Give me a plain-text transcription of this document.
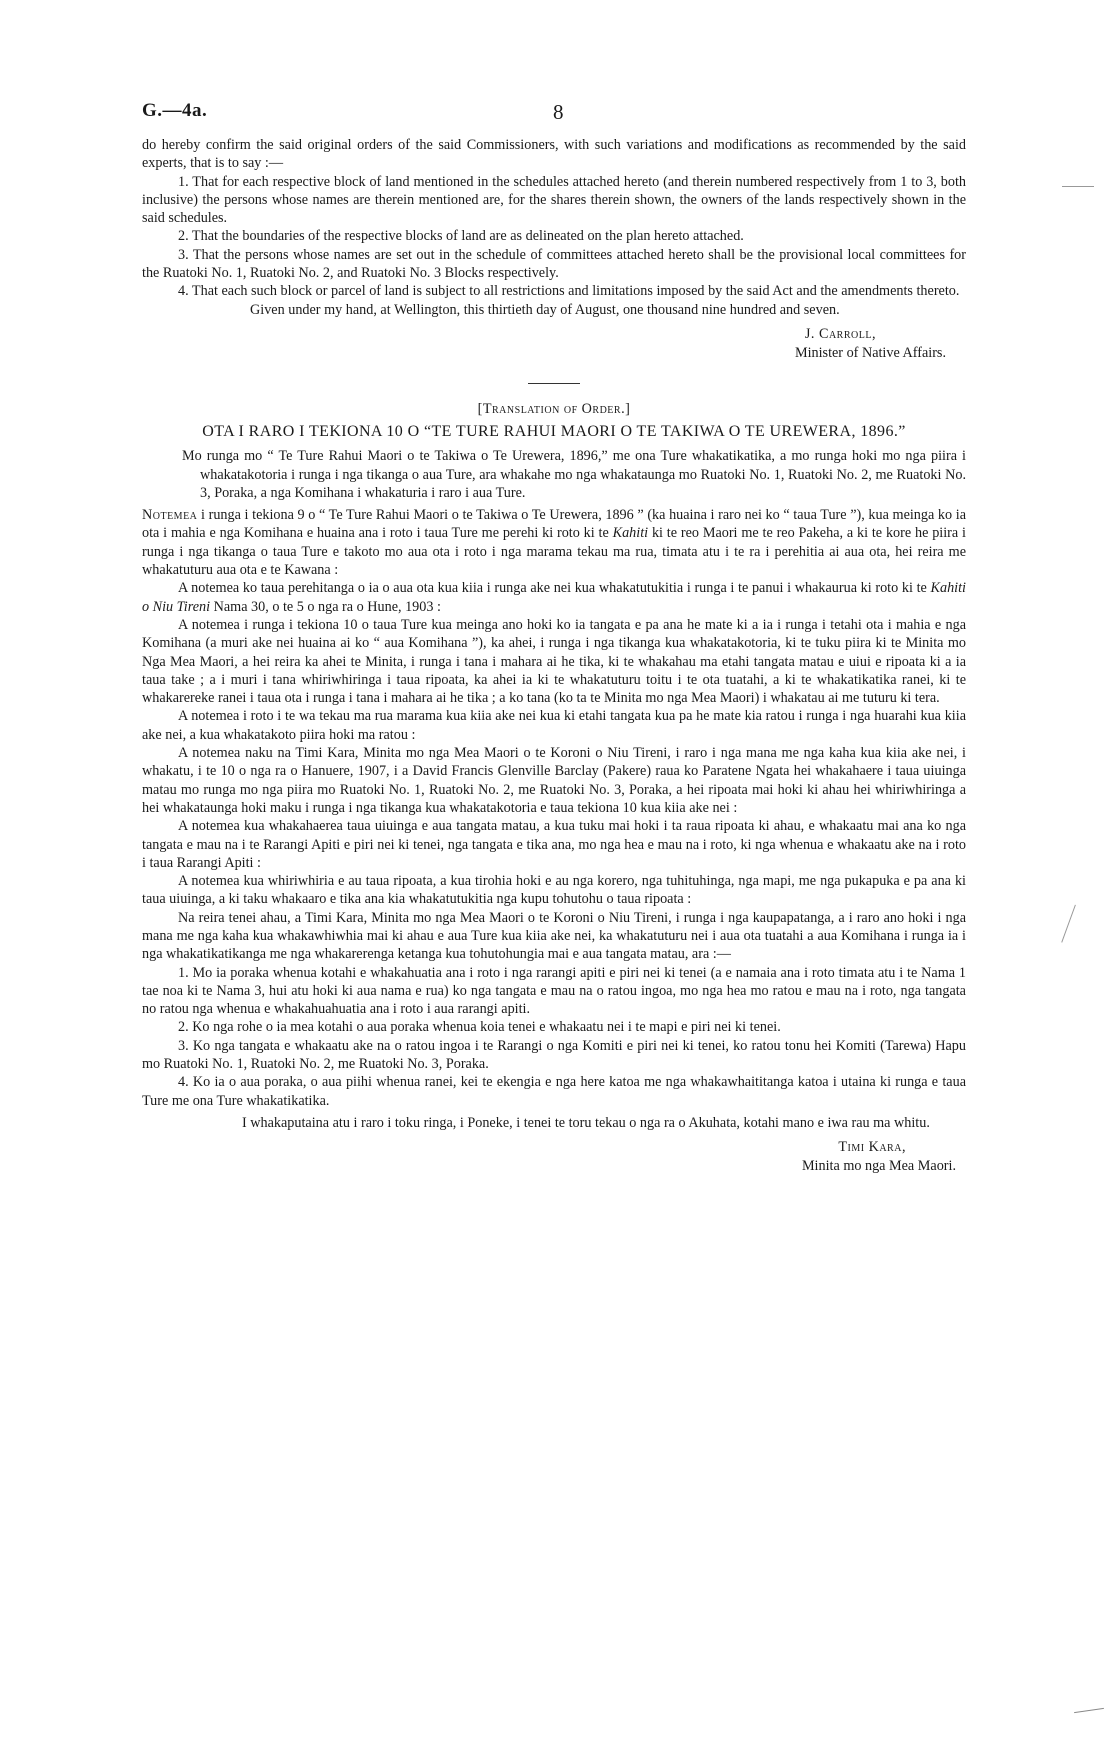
G.—4a.	8

do hereby confirm the said original orders of the said Commissioners, with such variations and modifications as recommended by the said experts, that is to say :—

1. That for each respective block of land mentioned in the schedules attached hereto (and therein numbered respectively from 1 to 3, both inclusive) the persons whose names are therein mentioned are, for the shares therein shown, the owners of the lands respectively shown in the said schedules.

2. That the boundaries of the respective blocks of land are as delineated on the plan hereto attached.

3. That the persons whose names are set out in the schedule of committees attached hereto shall be the provisional local committees for the Ruatoki No. 1, Ruatoki No. 2, and Ruatoki No. 3 Blocks respectively.

4. That each such block or parcel of land is subject to all restrictions and limitations imposed by the said Act and the amendments thereto.

Given under my hand, at Wellington, this thirtieth day of August, one thousand nine hundred and seven.

J. Carroll,

Minister of Native Affairs.

[Translation of Order.]

OTA I RARO I TEKIONA 10 O “TE TURE RAHUI MAORI O TE TAKIWA O TE UREWERA, 1896.”

Mo runga mo “ Te Ture Rahui Maori o te Takiwa o Te Urewera, 1896,” me ona Ture whakatikatika, a mo runga hoki mo nga piira i whakatakotoria i runga i nga tikanga o aua Ture, ara whakahe mo nga whakataunga mo Ruatoki No. 1, Ruatoki No. 2, me Ruatoki No. 3, Poraka, a nga Komihana i whakaturia i raro i aua Ture.

Notemea i runga i tekiona 9 o “ Te Ture Rahui Maori o te Takiwa o Te Urewera, 1896 ” (ka huaina i raro nei ko “ taua Ture ”), kua meinga ko ia ota i mahia e nga Komihana e huaina ana i roto i taua Ture me perehi ki roto ki te Kahiti ki te reo Maori me te reo Pakeha, a ki te kore he piira i runga i nga tikanga o taua Ture e takoto mo aua ota i roto i nga marama tekau ma rua, timata atu i te ra i perehitia ai aua ota, hei reira me whakatuturu aua ota e te Kawana :

A notemea ko taua perehitanga o ia o aua ota kua kiia i runga ake nei kua whakatutukitia i runga i te panui i whakaurua ki roto ki te Kahiti o Niu Tireni Nama 30, o te 5 o nga ra o Hune, 1903 :

A notemea i runga i tekiona 10 o taua Ture kua meinga ano hoki ko ia tangata e pa ana he mate ki a ia i runga i tetahi ota i mahia e nga Komihana (a muri ake nei huaina ai ko “ aua Komihana ”), ka ahei, i runga i nga tikanga kua whakatakotoria, ki te tuku piira ki te Minita mo Nga Mea Maori, a hei reira ka ahei te Minita, i runga i tana i mahara ai he tika, ki te whakahau ma etahi tangata matau e uiui e ripoata ki a ia taua take ; a i muri i tana whiriwhiringa i taua ripoata, ka ahei ia ki te whakatuturu toitu i te ota tuatahi, a ki te whakatikatika ranei, ki te whakarereke ranei i taua ota i runga i tana i mahara ai he tika ; a ko tana (ko ta te Minita mo nga Mea Maori) i whakatau ai me tuturu ki tera.

A notemea i roto i te wa tekau ma rua marama kua kiia ake nei kua ki etahi tangata kua pa he mate kia ratou i runga i nga huarahi kua kiia ake nei, a kua whakatakoto piira hoki ma ratou :

A notemea naku na Timi Kara, Minita mo nga Mea Maori o te Koroni o Niu Tireni, i raro i nga mana me nga kaha kua kiia ake nei, i whakatu, i te 10 o nga ra o Hanuere, 1907, i a David Francis Glenville Barclay (Pakere) raua ko Paratene Ngata hei whakahaere i taua uiuinga matau mo runga mo nga piira mo Ruatoki No. 1, Ruatoki No. 2, me Ruatoki No. 3, Poraka, a hei ripoata mai hoki ki ahau hei whiriwhiringa a hei whakataunga hoki maku i runga i nga tikanga kua whakatakotoria e taua tekiona 10 kua kiia ake nei :

A notemea kua whakahaerea taua uiuinga e aua tangata matau, a kua tuku mai hoki i ta raua ripoata ki ahau, e whakaatu mai ana ko nga tangata e mau na i te Rarangi Apiti e piri nei ki tenei, nga tangata e tika ana, mo nga hea e mau na i roto, ki nga whenua e whakaatu ake na i roto i taua Rarangi Apiti :

A notemea kua whiriwhiria e au taua ripoata, a kua tirohia hoki e au nga korero, nga tuhituhinga, nga mapi, me nga pukapuka e pa ana ki taua uiuinga, a ki taku whakaaro e tika ana kia whakatutukitia nga kupu tohutohu o taua ripoata :

Na reira tenei ahau, a Timi Kara, Minita mo nga Mea Maori o te Koroni o Niu Tireni, i runga i nga kaupapatanga, a i raro ano hoki i nga mana me nga kaha kua whakawhiwhia mai ki ahau e aua Ture kua kiia ake nei, ka whakatuturu nei i aua ota tuatahi a aua Komihana i runga ia i nga whakatikatikanga me nga whakarerenga ketanga kua tohutohungia mai e aua tangata matau, ara :—

1. Mo ia poraka whenua kotahi e whakahuatia ana i roto i nga rarangi apiti e piri nei ki tenei (a e namaia ana i roto timata atu i te Nama 1 tae noa ki te Nama 3, hui atu hoki ki aua nama e rua) ko nga tangata e mau na o ratou ingoa, mo nga hea mo ratou e mau na i roto, nga tangata no ratou nga whenua e whakahuahuatia ana i roto i aua rarangi apiti.

2. Ko nga rohe o ia mea kotahi o aua poraka whenua koia tenei e whakaatu nei i te mapi e piri nei ki tenei.

3. Ko nga tangata e whakaatu ake na o ratou ingoa i te Rarangi o nga Komiti e piri nei ki tenei, ko ratou tonu hei Komiti (Tarewa) Hapu mo Ruatoki No. 1, Ruatoki No. 2, me Ruatoki No. 3, Poraka.

4. Ko ia o aua poraka, o aua piihi whenua ranei, kei te ekengia e nga here katoa me nga whakawhaititanga katoa i utaina ki runga e taua Ture me ona Ture whakatikatika.

I whakaputaina atu i raro i toku ringa, i Poneke, i tenei te toru tekau o nga ra o Akuhata, kotahi mano e iwa rau ma whitu.

Timi Kara,

Minita mo nga Mea Maori.
